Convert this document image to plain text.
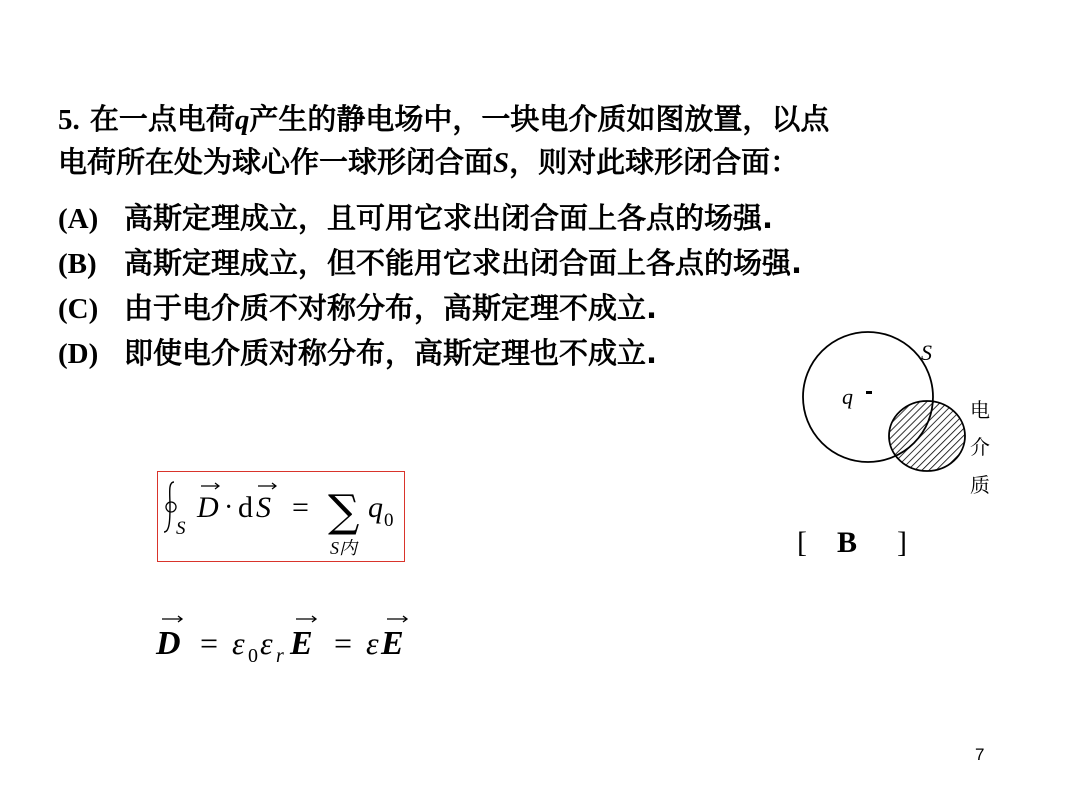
5. 在一点电荷q产生的静电场中，一块电介质如图放置，以点
电荷所在处为球心作一球形闭合面S，则对此球形闭合面：
(A) 高斯定理成立，且可用它求出闭合面上各点的场强.
(B) 高斯定理成立，但不能用它求出闭合面上各点的场强.
(C) 由于电介质不对称分布，高斯定理不成立.
(D) 即使电介质对称分布，高斯定理也不成立.	S
q
电
介
质
S
D · d S = ∑
S内
q 0
D = ε 0 ε r E = ε E
[ B ]
7
